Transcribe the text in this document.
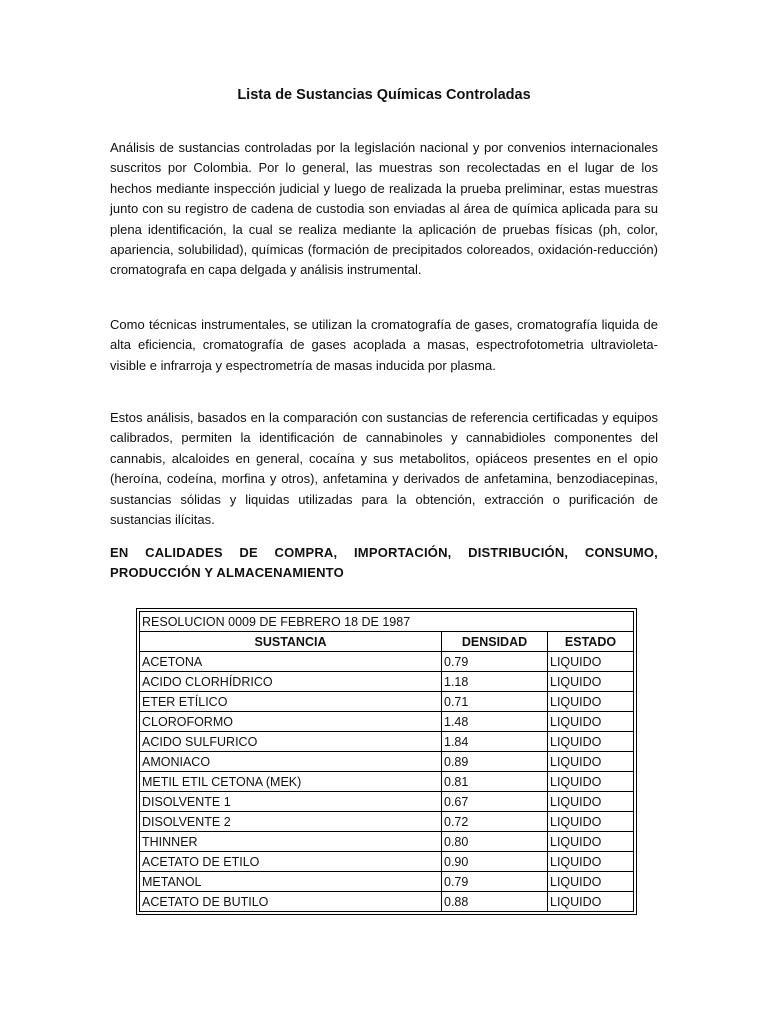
Lista de Sustancias Químicas Controladas

Análisis de sustancias controladas por la legislación nacional y por convenios internacionales suscritos por Colombia. Por lo general, las muestras son recolectadas en el lugar de los hechos mediante inspección judicial y luego de realizada la prueba preliminar, estas muestras junto con su registro de cadena de custodia son enviadas al área de química aplicada para su plena identificación, la cual se realiza mediante la aplicación de pruebas físicas (ph, color, apariencia, solubilidad), químicas (formación de precipitados coloreados, oxidación-reducción) cromatografa en capa delgada y análisis instrumental.

Como técnicas instrumentales, se utilizan la cromatografía de gases, cromatografía liquida de alta eficiencia, cromatografía de gases acoplada a masas, espectrofotometria ultravioleta-visible e infrarroja y espectrometría de masas inducida por plasma.

Estos análisis, basados en la comparación con sustancias de referencia certificadas y equipos calibrados, permiten la identificación de cannabinoles y cannabidioles componentes del cannabis, alcaloides en general, cocaína y sus metabolitos, opiáceos presentes en el opio (heroína, codeína, morfina y otros), anfetamina y derivados de anfetamina, benzodiacepinas, sustancias sólidas y liquidas utilizadas para la obtención, extracción o purificación de sustancias ilícitas.

EN CALIDADES DE COMPRA, IMPORTACIÓN, DISTRIBUCIÓN, CONSUMO, PRODUCCIÓN Y ALMACENAMIENTO

RESOLUCION 0009 DE FEBRERO 18 DE 1987		
SUSTANCIA	DENSIDAD	ESTADO
ACETONA	0.79	LIQUIDO
ACIDO CLORHÍDRICO	1.18	LIQUIDO
ETER ETÍLICO	0.71	LIQUIDO
CLOROFORMO	1.48	LIQUIDO
ACIDO SULFURICO	1.84	LIQUIDO
AMONIACO	0.89	LIQUIDO
METIL ETIL CETONA (MEK)	0.81	LIQUIDO
DISOLVENTE 1	0.67	LIQUIDO
DISOLVENTE 2	0.72	LIQUIDO
THINNER	0.80	LIQUIDO
ACETATO DE ETILO	0.90	LIQUIDO
METANOL	0.79	LIQUIDO
ACETATO DE BUTILO	0.88	LIQUIDO
